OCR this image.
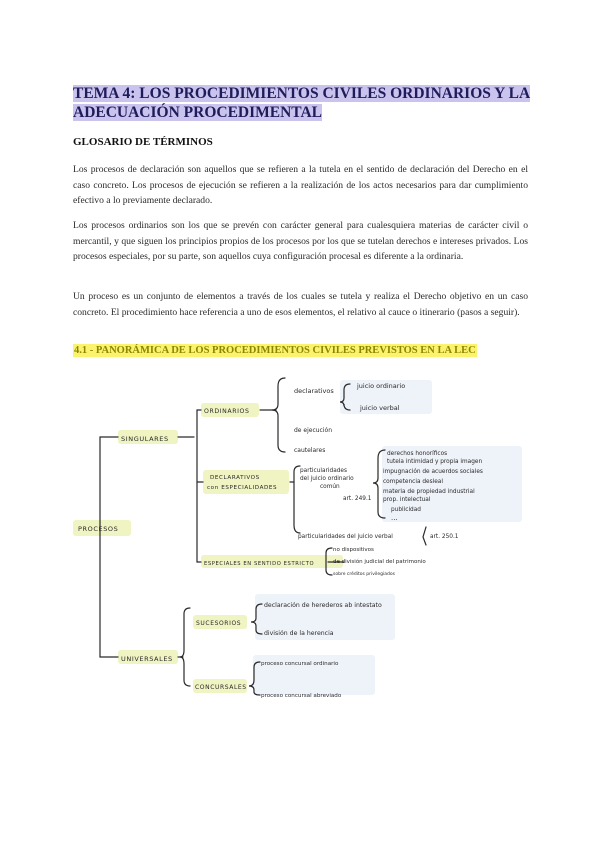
TEMA 4: LOS PROCEDIMIENTOS CIVILES ORDINARIOS Y LA ADECUACIÓN PROCEDIMENTAL
GLOSARIO DE TÉRMINOS

Los procesos de declaración son aquellos que se refieren a la tutela en el sentido de declaración del Derecho en el caso concreto. Los procesos de ejecución se refieren a la realización de los actos necesarios para dar cumplimiento efectivo a lo previamente declarado.

Los procesos ordinarios son los que se prevén con carácter general para cualesquiera materias de carácter civil o mercantil, y que siguen los principios propios de los procesos por los que se tutelan derechos e intereses privados. Los procesos especiales, por su parte, son aquellos cuya configuración procesal es diferente a la ordinaria.

Un proceso es un conjunto de elementos a través de los cuales se tutela y realiza el Derecho objetivo en un caso concreto. El procedimiento hace referencia a uno de esos elementos, el relativo al cauce o itinerario (pasos a seguir).

4.1 - PANORÁMICA DE LOS PROCEDIMIENTOS CIVILES PREVISTOS EN LA LEC
PROCESOS
SINGULARES
UNIVERSALES
ORDINARIOS
declarativos
juicio ordinario
juicio verbal
de ejecución
cautelares
DECLARATIVOS
con ESPECIALIDADES
particularidades
del juicio ordinario
común
art. 249.1
derechos honoríficos
tutela intimidad y propia imagen
impugnación de acuerdos sociales
competencia desleal
materia de propiedad industrial
prop. intelectual
publicidad
...
particularidades del juicio verbal	art. 250.1
ESPECIALES EN SENTIDO ESTRICTO
no dispositivos
de división judicial del patrimonio
sobre créditos privilegiados
SUCESORIOS
declaración de herederos ab intestato
división de la herencia
CONCURSALES
proceso concursal ordinario
proceso concursal abreviado
